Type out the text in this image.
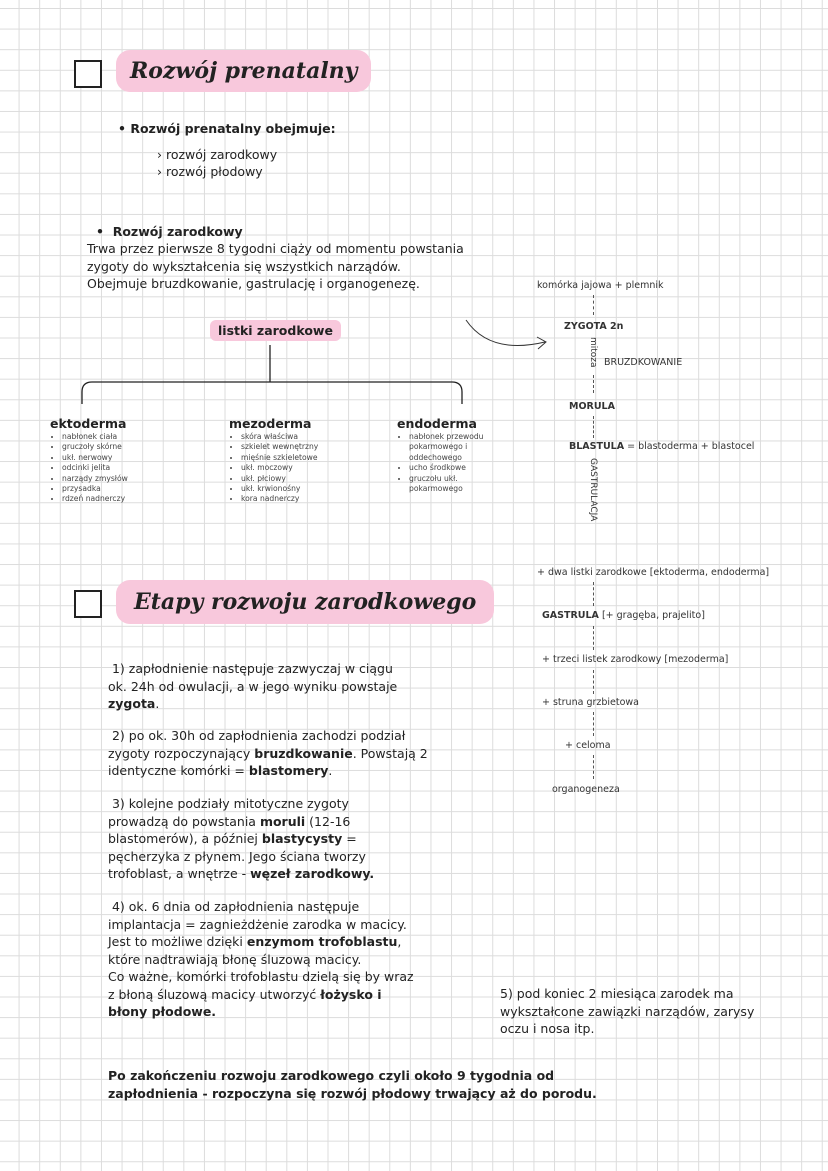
Rozwój prenatalny
• Rozwój prenatalny obejmuje:
› rozwój zarodkowy
› rozwój płodowy
•  Rozwój zarodkowy
Trwa przez pierwsze 8 tygodni ciąży od momentu powstania
zygoty do wykształcenia się wszystkich narządów.
Obejmuje bruzdkowanie, gastrulację i organogenezę.
listki zarodkowe
ektoderma
• nabłonek ciała
• gruczoły skórne
• ukł. nerwowy
• odcinki jelita
• narządy zmysłów
• przysadka
• rdzeń nadnerczy
mezoderma
• skóra właściwa
• szkielet wewnętrzny
• mięśnie szkieletowe
• ukł. moczowy
• ukł. płciowy
• ukł. krwionośny
• kora nadnerczy
endoderma
• nabłonek przewodu pokarmowego i oddechowego
• ucho środkowe
• gruczołu ukł. pokarmowego
komórka jajowa + plemnik
ZYGOTA 2n
mitoza BRUZDKOWANIE
MORULA
BLASTULA = blastoderma + blastocel
GASTRULACJA
+ dwa listki zarodkowe [ektoderma, endoderma]
GASTRULA [+ gragęba, prajelito]
+ trzeci listek zarodkowy [mezoderma]
+ struna grzbietowa
+ celoma
organogeneza
Etapy rozwoju zarodkowego
1) zapłodnienie następuje zazwyczaj w ciągu ok. 24h od owulacji, a w jego wyniku powstaje zygota.
2) po ok. 30h od zapłodnienia zachodzi podział zygoty rozpoczynający bruzdkowanie. Powstają 2 identyczne komórki = blastomery.
3) kolejne podziały mitotyczne zygoty prowadzą do powstania moruli (12-16 blastomerów), a później blastycysty = pęcherzyka z płynem. Jego ściana tworzy trofoblast, a wnętrze - węzeł zarodkowy.
4) ok. 6 dnia od zapłodnienia następuje implantacja = zagnieżdżenie zarodka w macicy. Jest to możliwe dzięki enzymom trofoblastu, które nadtrawiają błonę śluzową macicy.
Co ważne, komórki trofoblastu dzielą się by wraz z błoną śluzową macicy utworzyć łożysko i błony płodowe.
5) pod koniec 2 miesiąca zarodek ma wykształcone zawiązki narządów, zarysy oczu i nosa itp.
Po zakończeniu rozwoju zarodkowego czyli około 9 tygodnia od zapłodnienia - rozpoczyna się rozwój płodowy trwający aż do porodu.
